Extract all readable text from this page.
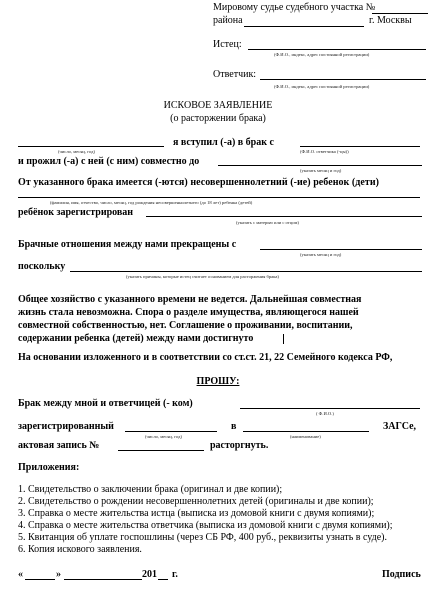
Мировому судье судебного участка №
района	г. Москвы
Истец:
(Ф.И.О., индекс, адрес постоянной регистрации)
Ответчик:
(Ф.И.О., индекс, адрес постоянной регистрации)
ИСКОВОЕ ЗАЯВЛЕНИЕ
(о расторжении брака)
я вступил (-а) в брак с
(число, месяц, год)	(Ф.И.О. ответчика (-цы))
и прожил (-а) с ней (с ним) совместно до
(указать месяц и год)
От указанного брака имеется (-ются) несовершеннолетний (-ие) ребенок (дети)
(фамилия, имя, отчество, число, месяц, год рождения несовершеннолетнего (до 18 лет) ребенка (детей)
ребёнок зарегистрирован
(указать с матерью или с отцом)
Брачные отношения между нами прекращены с
(указать месяц и год)
поскольку
(указать причины, которые истец считает основанием для расторжения брака)
Общее хозяйство с указанного времени не ведется. Дальнейшая совместная
жизнь стала невозможна. Спора о разделе имущества, являющегося нашей
совместной собственностью, нет. Соглашение о проживании, воспитании,
содержании ребенка (детей) между нами достигнуто
На основании изложенного и в соответствии со ст.ст. 21, 22 Семейного кодекса РФ,
ПРОШУ:
Брак между мной и ответчицей (- ком)
( Ф.И.О.)
зарегистрированный	в	ЗАГСе,
(число, месяц, год)	(наименование)
актовая запись №	расторгнуть.
Приложения:
1. Свидетельство о заключении брака (оригинал и две копии);
2. Свидетельство о рождении несовершеннолетних детей (оригиналы и две копии);
3. Справка о месте жительства истца (выписка из домовой книги с двумя копиями);
4. Справка о месте жительства ответчика (выписка из домовой книги с двумя копиями);
5. Квитанция об уплате госпошлины (через СБ РФ, 400 руб., реквизиты узнать в суде).
6. Копия искового заявления.
«	»	201 г.	Подпись
